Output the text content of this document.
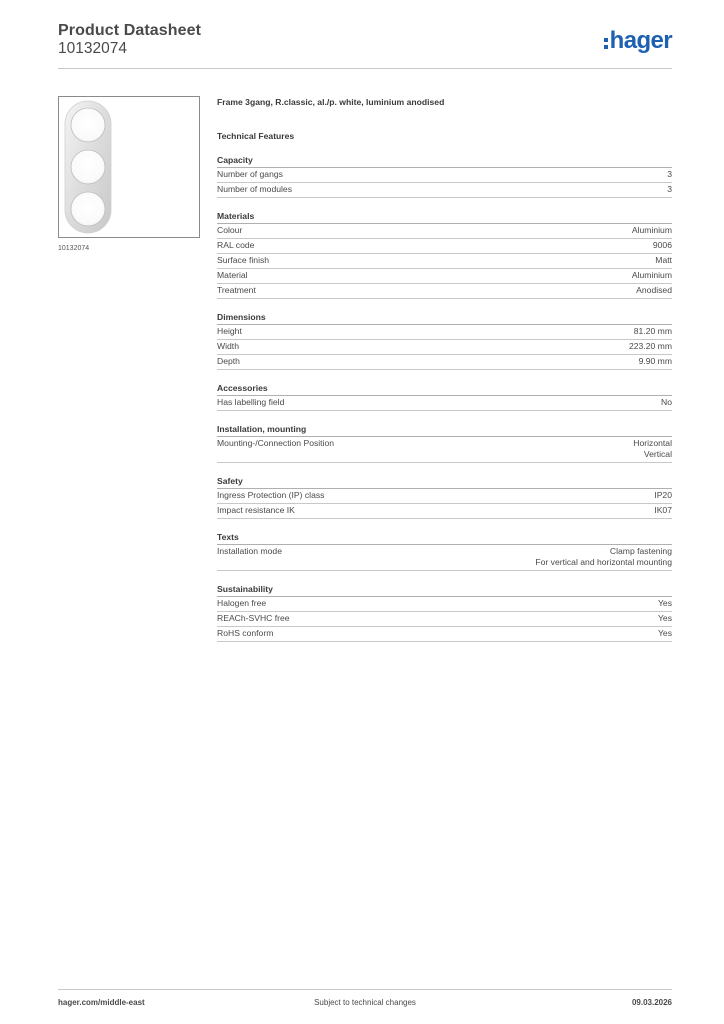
Product Datasheet
10132074	hager
10132074
Frame 3gang, R.classic, al./p. white, luminium anodised
Technical Features
Capacity
Number of gangs	3
Number of modules	3
Materials
Colour	Aluminium
RAL code	9006
Surface finish	Matt
Material	Aluminium
Treatment	Anodised
Dimensions
Height	81.20 mm
Width	223.20 mm
Depth	9.90 mm
Accessories
Has labelling field	No
Installation, mounting
Mounting-/Connection Position	Horizontal
Vertical
Safety
Ingress Protection (IP) class	IP20
Impact resistance IK	IK07
Texts
Installation mode	Clamp fastening
For vertical and horizontal mounting
Sustainability
Halogen free	Yes
REACh-SVHC free	Yes
RoHS conform	Yes
hager.com/middle-east	Subject to technical changes	09.03.2026
